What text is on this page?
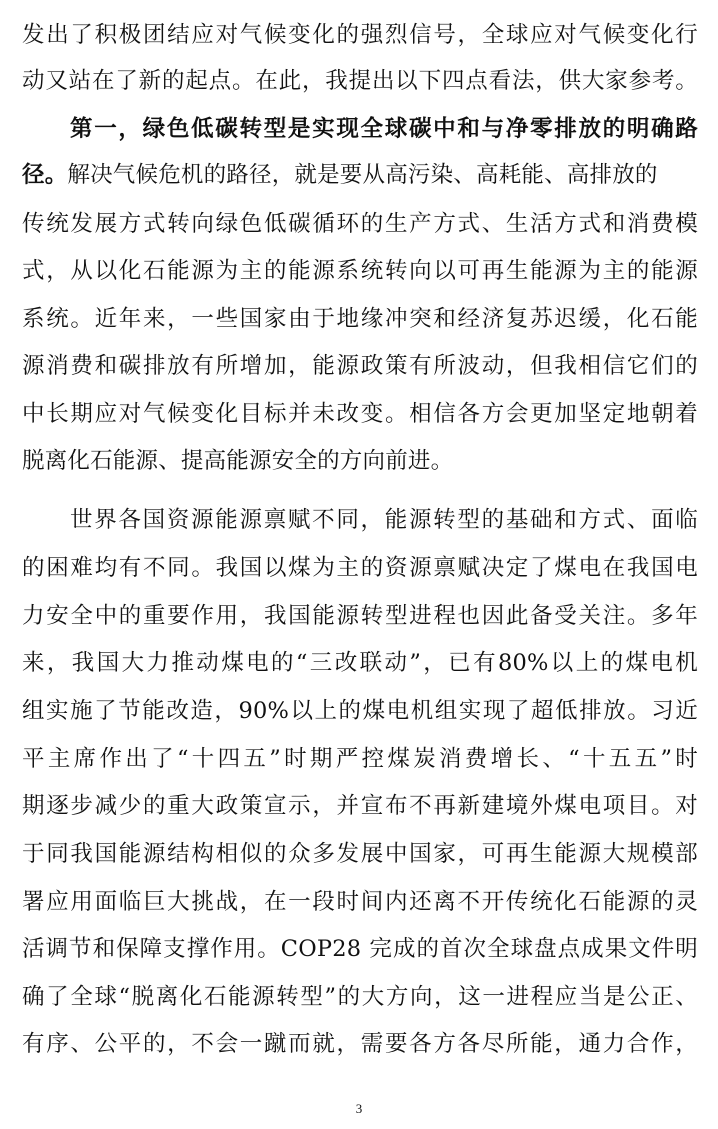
发出了积极团结应对气候变化的强烈信号，全球应对气候变化行
动又站在了新的起点。在此，我提出以下四点看法，供大家参考。
第一，绿色低碳转型是实现全球碳中和与净零排放的明确路
径。解决气候危机的路径，就是要从高污染、高耗能、高排放的
传统发展方式转向绿色低碳循环的生产方式、生活方式和消费模
式，从以化石能源为主的能源系统转向以可再生能源为主的能源
系统。近年来，一些国家由于地缘冲突和经济复苏迟缓，化石能
源消费和碳排放有所增加，能源政策有所波动，但我相信它们的
中长期应对气候变化目标并未改变。相信各方会更加坚定地朝着
脱离化石能源、提高能源安全的方向前进。
世界各国资源能源禀赋不同，能源转型的基础和方式、面临
的困难均有不同。我国以煤为主的资源禀赋决定了煤电在我国电
力安全中的重要作用，我国能源转型进程也因此备受关注。多年
来，我国大力推动煤电的“三改联动”，已有80%以上的煤电机
组实施了节能改造，90%以上的煤电机组实现了超低排放。习近
平主席作出了“十四五”时期严控煤炭消费增长、“十五五”时
期逐步减少的重大政策宣示，并宣布不再新建境外煤电项目。对
于同我国能源结构相似的众多发展中国家，可再生能源大规模部
署应用面临巨大挑战，在一段时间内还离不开传统化石能源的灵
活调节和保障支撑作用。COP28 完成的首次全球盘点成果文件明
确了全球“脱离化石能源转型”的大方向，这一进程应当是公正、
有序、公平的，不会一蹴而就，需要各方各尽所能，通力合作，
3
